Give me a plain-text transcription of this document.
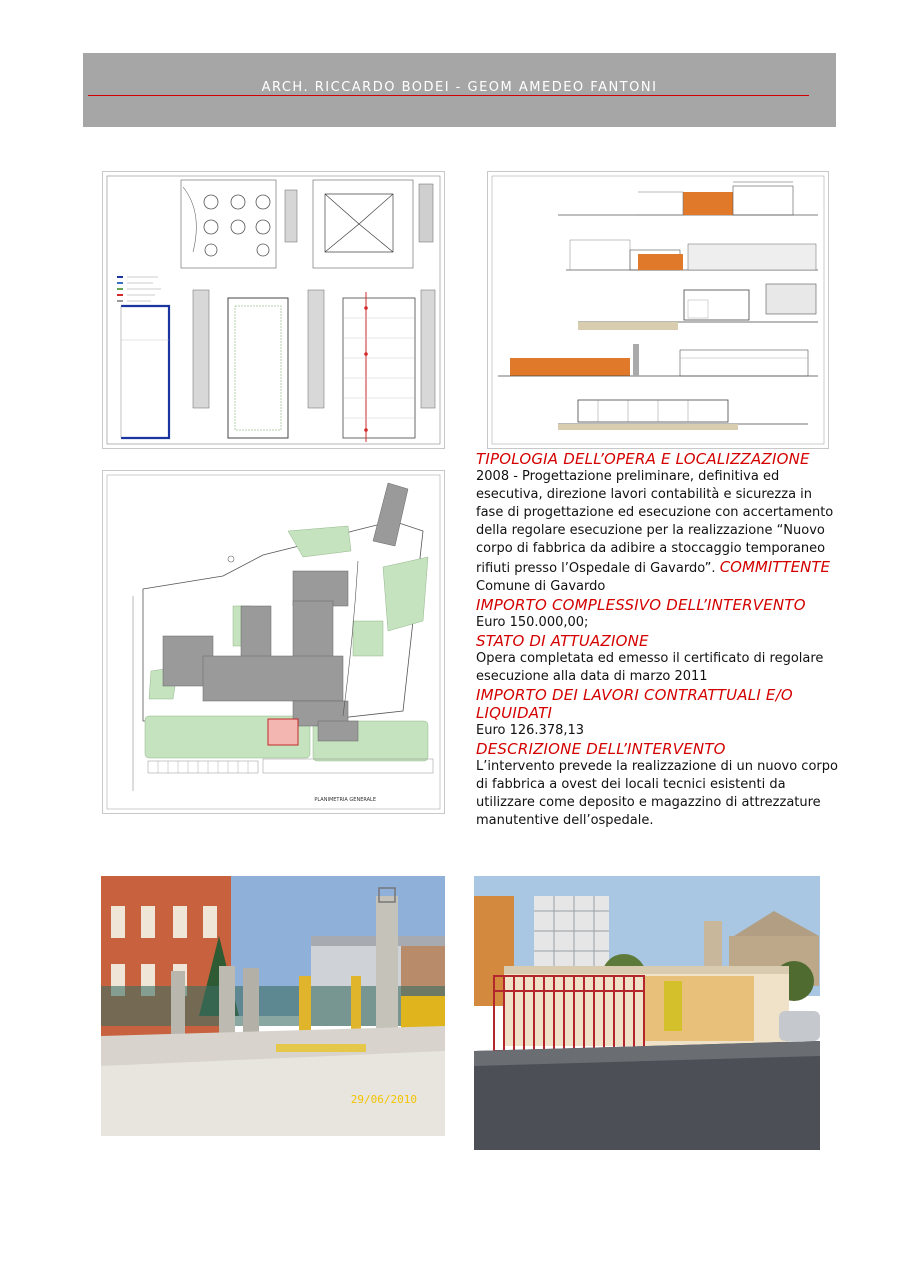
ARCH. RICCARDO BODEI - GEOM AMEDEO FANTONI
PLANIMETRIA GENERALE

TIPOLOGIA DELL’OPERA E LOCALIZZAZIONE

2008 - Progettazione preliminare, definitiva ed esecutiva, direzione lavori contabilità e sicurezza in fase di progettazione ed esecuzione con accertamento della regolare esecuzione per la realizzazione “Nuovo corpo di fabbrica da adibire a stoccaggio temporaneo rifiuti presso l’Ospedale di Gavardo”. COMMITTENTE

Comune di Gavardo

IMPORTO COMPLESSIVO DELL’INTERVENTO

Euro 150.000,00;

STATO DI ATTUAZIONE

Opera completata ed emesso il certificato di regolare esecuzione alla data di marzo 2011

IMPORTO DEI LAVORI CONTRATTUALI E/O LIQUIDATI

Euro 126.378,13

DESCRIZIONE DELL’INTERVENTO

L’intervento prevede la realizzazione di un nuovo corpo di fabbrica a ovest dei locali tecnici esistenti da utilizzare come deposito e magazzino di attrezzature manutentive dell’ospedale.

29/06/2010
